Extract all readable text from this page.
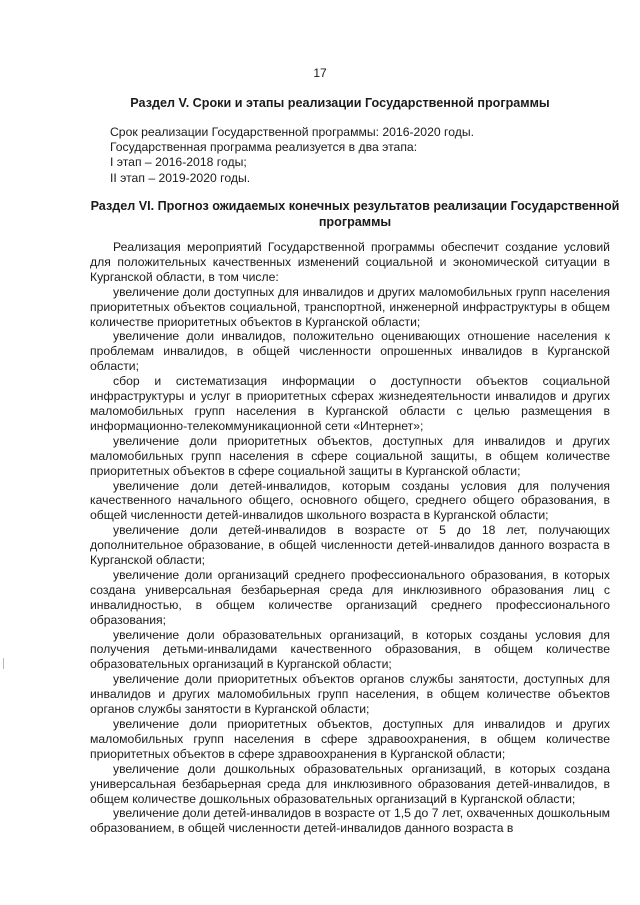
17
Раздел V. Сроки и этапы реализации Государственной программы
Срок реализации Государственной программы: 2016-2020 годы.
Государственная программа реализуется в два этапа:
I этап – 2016-2018 годы;
II этап – 2019-2020 годы.
Раздел VI. Прогноз ожидаемых конечных результатов реализации Государственной программы

Реализация мероприятий Государственной программы обеспечит создание условий для положительных качественных изменений социальной и экономической ситуации в Курганской области, в том числе:

увеличение доли доступных для инвалидов и других маломобильных групп населения приоритетных объектов социальной, транспортной, инженерной инфраструктуры в общем количестве приоритетных объектов в Курганской области;

увеличение доли инвалидов, положительно оценивающих отношение населения к проблемам инвалидов, в общей численности опрошенных инвалидов в Курганской области;

сбор и систематизация информации о доступности объектов социальной инфраструктуры и услуг в приоритетных сферах жизнедеятельности инвалидов и других маломобильных групп населения в Курганской области с целью размещения в информационно-телекоммуникационной сети «Интернет»;

увеличение доли приоритетных объектов, доступных для инвалидов и других маломобильных групп населения в сфере социальной защиты, в общем количестве приоритетных объектов в сфере социальной защиты в Курганской области;

увеличение доли детей-инвалидов, которым созданы условия для получения качественного начального общего, основного общего, среднего общего образования, в общей численности детей-инвалидов школьного возраста в Курганской области;

увеличение доли детей-инвалидов в возрасте от 5 до 18 лет, получающих дополнительное образование, в общей численности детей-инвалидов данного возраста в Курганской области;

увеличение доли организаций среднего профессионального образования, в которых создана универсальная безбарьерная среда для инклюзивного образования лиц с инвалидностью, в общем количестве организаций среднего профессионального образования;

увеличение доли образовательных организаций, в которых созданы условия для получения детьми-инвалидами качественного образования, в общем количестве образовательных организаций в Курганской области;

увеличение доли приоритетных объектов органов службы занятости, доступных для инвалидов и других маломобильных групп населения, в общем количестве объектов органов службы занятости в Курганской области;

увеличение доли приоритетных объектов, доступных для инвалидов и других маломобильных групп населения в сфере здравоохранения, в общем количестве приоритетных объектов в сфере здравоохранения в Курганской области;

увеличение доли дошкольных образовательных организаций, в которых создана универсальная безбарьерная среда для инклюзивного образования детей-инвалидов, в общем количестве дошкольных образовательных организаций в Курганской области;

увеличение доли детей-инвалидов в возрасте от 1,5 до 7 лет, охваченных дошкольным образованием, в общей численности детей-инвалидов данного возраста в
